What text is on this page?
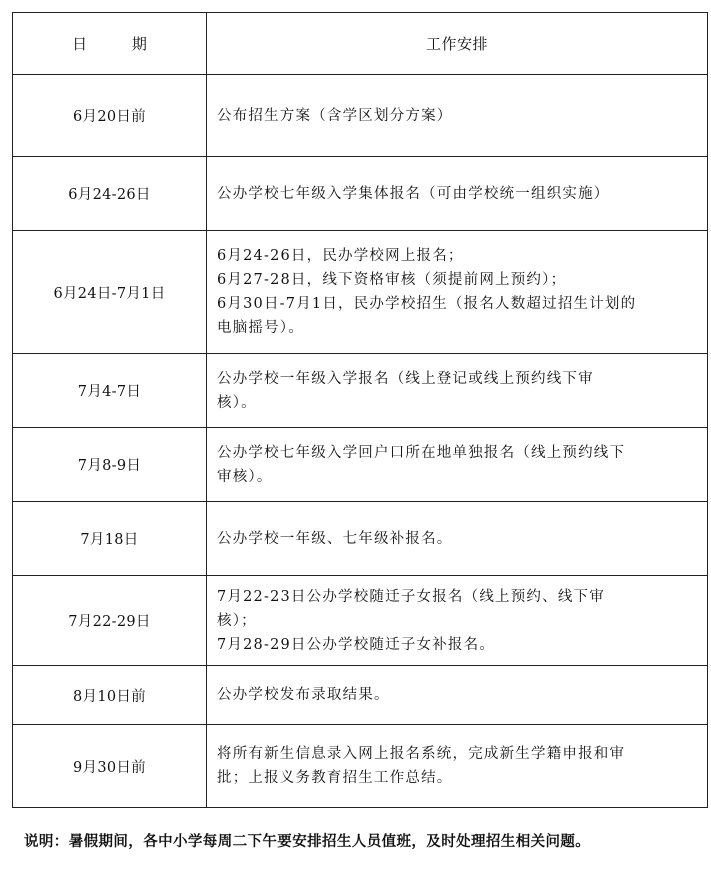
日 期	工作安排
6月20日前	公布招生方案（含学区划分方案）

6月24-26日	公办学校七年级入学集体报名（可由学校统一组织实施）

6月24日-7月1日	6月24-26日，民办学校网上报名；
6月27-28日，线下资格审核（须提前网上预约）；
6月30日-7月1日，民办学校招生（报名人数超过招生计划的
电脑摇号）。

7月4-7日	公办学校一年级入学报名（线上登记或线上预约线下审
核）。

7月8-9日	公办学校七年级入学回户口所在地单独报名（线上预约线下
审核）。

7月18日	公办学校一年级、七年级补报名。

7月22-29日	7月22-23日公办学校随迁子女报名（线上预约、线下审
核）；
7月28-29日公办学校随迁子女补报名。

8月10日前	公办学校发布录取结果。

9月30日前	将所有新生信息录入网上报名系统，完成新生学籍申报和审
批；上报义务教育招生工作总结。
说明：暑假期间，各中小学每周二下午要安排招生人员值班，及时处理招生相关问题。
